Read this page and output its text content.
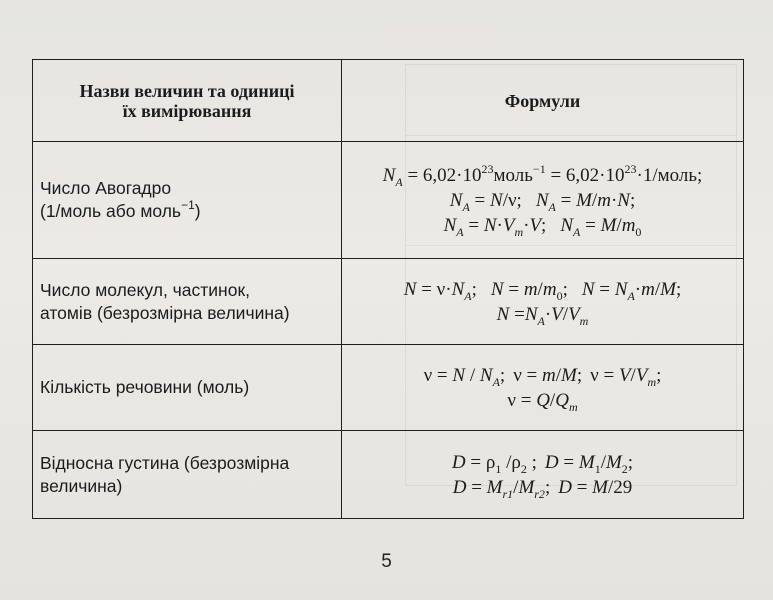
Назви величин та одиниці
їх вимірювання	Формули

Число Авогадро
(1/моль або моль$^{-1}$)	$N_A$ = $6,02\cdot 10^{23}моль^{-1}$ = $6,02\cdot 10^{23}\cdot 1$/моль;
$N_A = N/\nu$; $N_A = M/m\cdot N$;
$N_A = N\cdot V_m\cdot V$; $N_A = M/m_0$

Число молекул, частинок,
атомів (безрозмірна величина)	$N = \nu\cdot N_A$; $N = m/m_0$; $N = N_A\cdot m/M$;
$N =N_A\cdot V/V_m$

Кількість речовини (моль)	$\nu = N / N_A$; ν = m/M; $\nu = V/V_m$;
$\nu = Q/Q_m$

Відносна густина (безрозмірна
величина)	$D = \rho_1$ $/\rho_2$ ; $D = M_1/M_2$;
$D = M_{r1}/M_{r2}$; D = M/29
5
